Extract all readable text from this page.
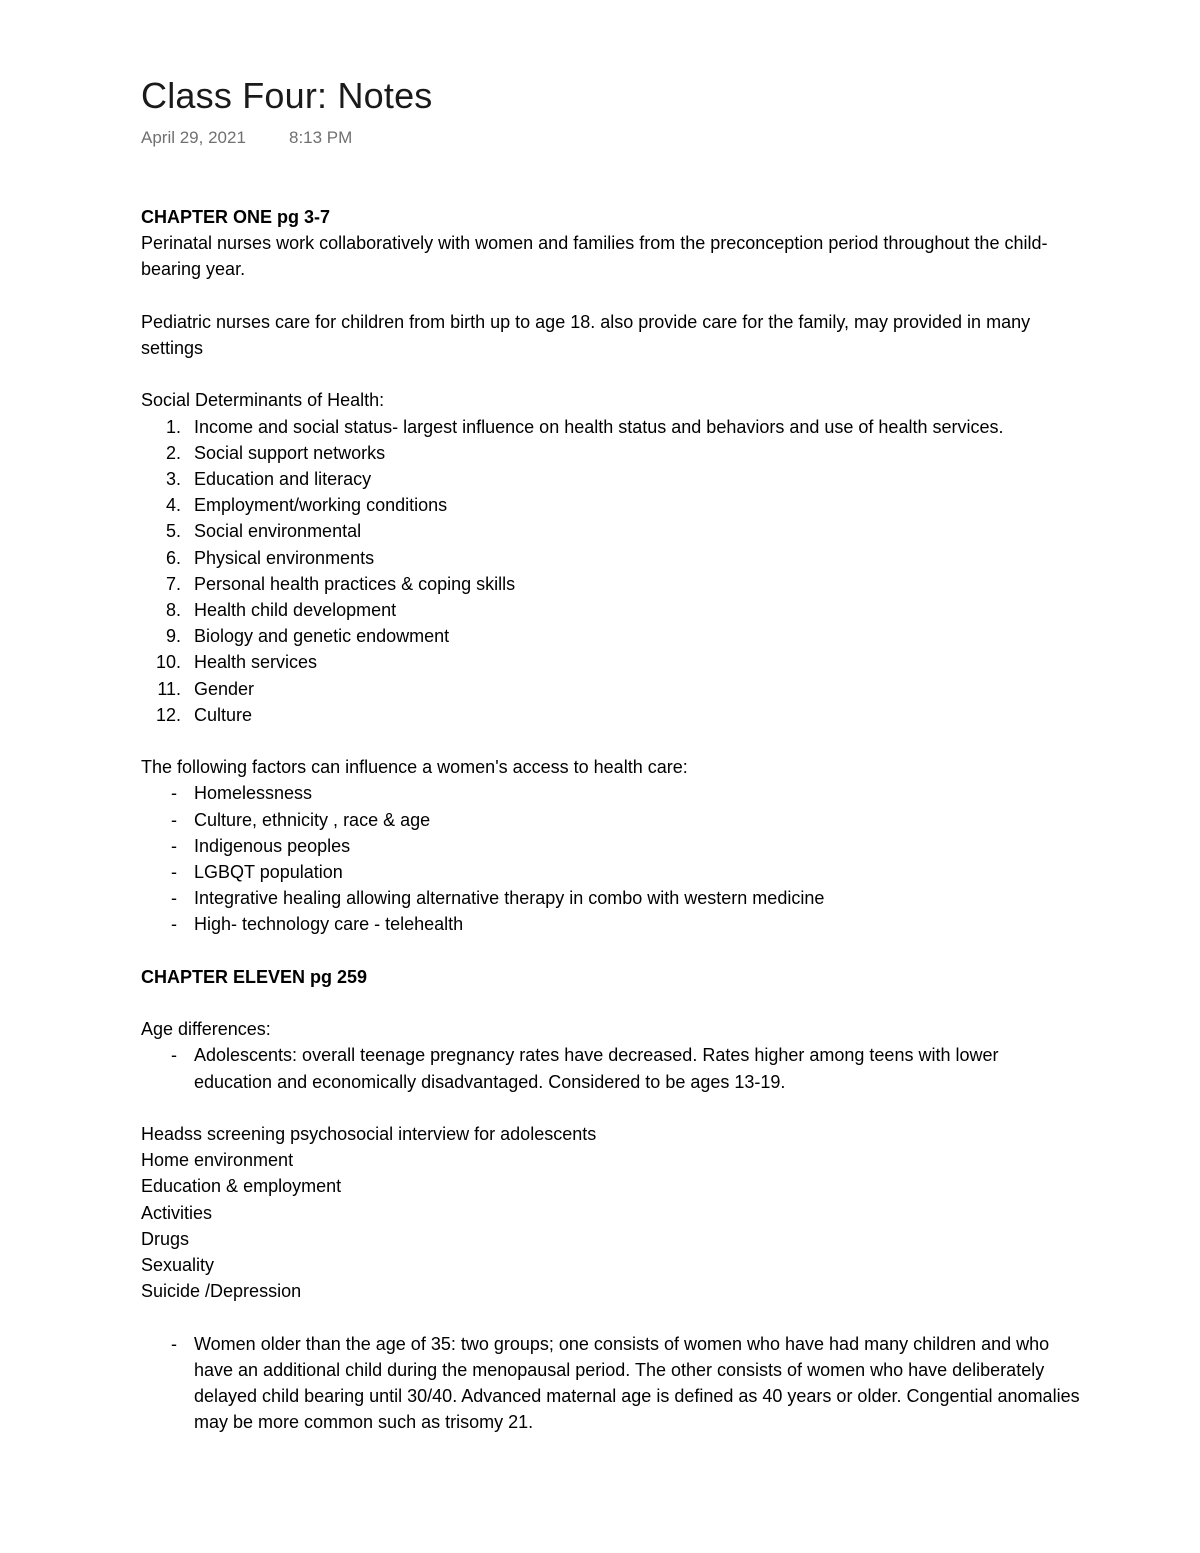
Class Four: Notes
April 29, 2021	8:13 PM

CHAPTER ONE pg 3-7

Perinatal nurses work collaboratively with women and families from the preconception period throughout the child-bearing year.

Pediatric nurses care for children from birth up to age 18. also provide care for the family, may provided in many settings

Social Determinants of Health:

1. Income and social status- largest influence on health status and behaviors and use of health services.
2. Social support networks
3. Education and literacy
4. Employment/working conditions
5. Social environmental
6. Physical environments
7. Personal health practices & coping skills
8. Health child development
9. Biology and genetic endowment
10. Health services
11. Gender
12. Culture

The following factors can influence a women's access to health care:

- Homelessness
- Culture, ethnicity , race & age
- Indigenous peoples
- LGBQT population
- Integrative healing allowing alternative therapy in combo with western medicine
- High- technology care - telehealth

CHAPTER ELEVEN pg 259

Age differences:

- Adolescents: overall teenage pregnancy rates have decreased. Rates higher among teens with lower education and economically disadvantaged. Considered to be ages 13-19.

Headss screening psychosocial interview for adolescents

Home environment

Education & employment

Activities

Drugs

Sexuality

Suicide /Depression

- Women older than the age of 35: two groups; one consists of women who have had many children and who have an additional child during the menopausal period. The other consists of women who have deliberately delayed child bearing until 30/40. Advanced maternal age is defined as 40 years or older. Congential anomalies may be more common such as trisomy 21.
